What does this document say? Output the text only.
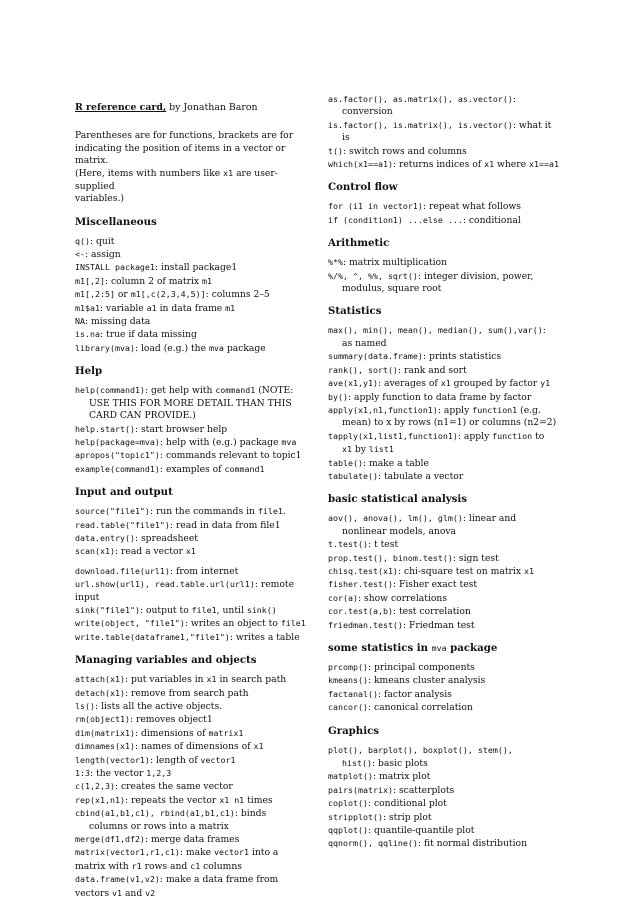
R reference card, by Jonathan Baron

Parentheses are for functions, brackets are for

indicating the position of items in a vector or matrix.

(Here, items with numbers like x1 are user-supplied

variables.)

Miscellaneous

q(): quit

<-: assign

INSTALL package1: install package1

m1[,2]: column 2 of matrix m1

m1[,2:5] or m1[,c(2,3,4,5)]: columns 2–5

m1$a1: variable a1 in data frame m1

NA: missing data

is.na: true if data missing

library(mva): load (e.g.) the mva package

Help

help(command1): get help with command1 (NOTE:

USE THIS FOR MORE DETAIL THAN THIS

CARD CAN PROVIDE.)

help.start(): start browser help

help(package=mva): help with (e.g.) package mva

apropos("topic1"): commands relevant to topic1

example(command1): examples of command1

Input and output

source("file1"): run the commands in file1.

read.table("file1"): read in data from file1

data.entry(): spreadsheet

scan(x1): read a vector x1

download.file(url1): from internet

url.show(url1), read.table.url(url1): remote

input

sink("file1"): output to file1, until sink()

write(object, "file1"): writes an object to file1

write.table(dataframe1,"file1"): writes a table

Managing variables and objects

attach(x1): put variables in x1 in search path

detach(x1): remove from search path

ls(): lists all the active objects.

rm(object1): removes object1

dim(matrix1): dimensions of matrix1

dimnames(x1): names of dimensions of x1

length(vector1): length of vector1

1:3: the vector 1,2,3

c(1,2,3): creates the same vector

rep(x1,n1): repeats the vector x1 n1 times

cbind(a1,b1,c1), rbind(a1,b1,c1): binds

columns or rows into a matrix

merge(df1,df2): merge data frames

matrix(vector1,r1,c1): make vector1 into a

matrix with r1 rows and c1 columns

data.frame(v1,v2): make a data frame from

vectors v1 and v2

as.factor(), as.matrix(), as.vector():

conversion

is.factor(), is.matrix(), is.vector(): what it

is

t(): switch rows and columns

which(x1==a1): returns indices of x1 where x1==a1

Control flow

for (i1 in vector1): repeat what follows

if (condition1) ...else ...: conditional

Arithmetic

%*%: matrix multiplication

%/%, ^, %%, sqrt(): integer division, power,

modulus, square root

Statistics

max(), min(), mean(), median(), sum(),var():

as named

summary(data.frame): prints statistics

rank(), sort(): rank and sort

ave(x1,y1): averages of x1 grouped by factor y1

by(): apply function to data frame by factor

apply(x1,n1,function1): apply function1 (e.g.

mean) to x by rows (n1=1) or columns (n2=2)

tapply(x1,list1,function1): apply function to

x1 by list1

table(): make a table

tabulate(): tabulate a vector

basic statistical analysis

aov(), anova(), lm(), glm(): linear and

nonlinear models, anova

t.test(): t test

prop.test(), binom.test(): sign test

chisq.test(x1): chi-square test on matrix x1

fisher.test(): Fisher exact test

cor(a): show correlations

cor.test(a,b): test correlation

friedman.test(): Friedman test

some statistics in mva package

prcomp(): principal components

kmeans(): kmeans cluster analysis

factanal(): factor analysis

cancor(): canonical correlation

Graphics

plot(), barplot(), boxplot(), stem(),

hist(): basic plots

matplot(): matrix plot

pairs(matrix): scatterplots

coplot(): conditional plot

stripplot(): strip plot

qqplot(): quantile-quantile plot

qqnorm(), qqline(): fit normal distribution
